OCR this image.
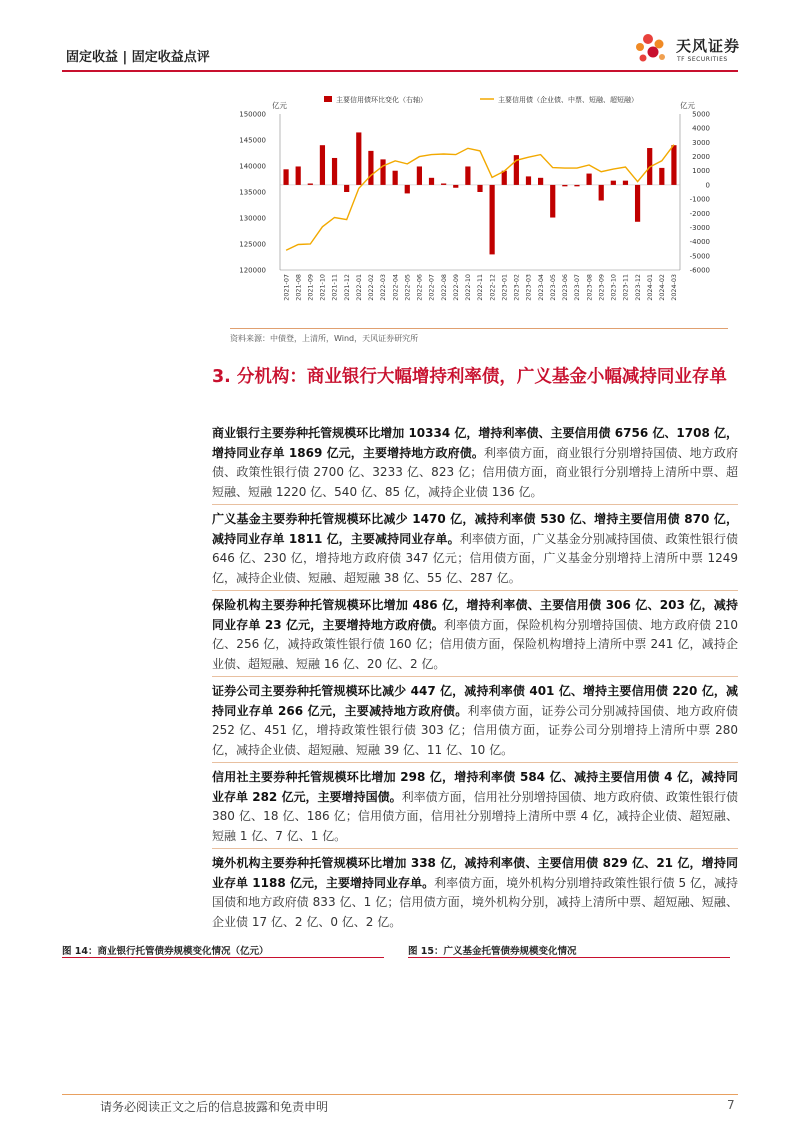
固定收益 | 固定收益点评
天风证券
TF SECURITIES
主要信用债环比变化（右轴）	主要信用债（企业债、中票、短融、超短融）
亿元	亿元
150000
145000
140000
135000
130000
125000
120000
5000
4000
3000
2000
1000
0
-1000
-2000
-3000
-4000
-5000
-6000
2021-07 2021-08 2021-09 2021-10 2021-11 2021-12 2022-01 2022-02 2022-03 2022-04 2022-05 2022-06 2022-07 2022-08 2022-09 2022-10 2022-11 2022-12 2023-01 2023-02 2023-03 2023-04 2023-05 2023-06 2023-07 2023-08 2023-09 2023-10 2023-11 2023-12 2024-01 2024-02 2024-03
资料来源：中债登，上清所，Wind，天风证券研究所
3. 分机构：商业银行大幅增持利率债，广义基金小幅减持同业存单
商业银行主要券种托管规模环比增加 10334 亿，增持利率债、主要信用债 6756 亿、1708 亿，增持同业存单 1869 亿元，主要增持地方政府债。利率债方面，商业银行分别增持国债、地方政府债、政策性银行债 2700 亿、3233 亿、823 亿；信用债方面，商业银行分别增持上清所中票、超短融、短融 1220 亿、540 亿、85 亿，减持企业债 136 亿。
广义基金主要券种托管规模环比减少 1470 亿，减持利率债 530 亿、增持主要信用债 870 亿，减持同业存单 1811 亿，主要减持同业存单。利率债方面，广义基金分别减持国债、政策性银行债 646 亿、230 亿，增持地方政府债 347 亿元；信用债方面，广义基金分别增持上清所中票 1249 亿，减持企业债、短融、超短融 38 亿、55 亿、287 亿。
保险机构主要券种托管规模环比增加 486 亿，增持利率债、主要信用债 306 亿、203 亿，减持同业存单 23 亿元，主要增持地方政府债。利率债方面，保险机构分别增持国债、地方政府债 210 亿、256 亿，减持政策性银行债 160 亿；信用债方面，保险机构增持上清所中票 241 亿，减持企业债、超短融、短融 16 亿、20 亿、2 亿。
证券公司主要券种托管规模环比减少 447 亿，减持利率债 401 亿、增持主要信用债 220 亿，减持同业存单 266 亿元，主要减持地方政府债。利率债方面，证券公司分别减持国债、地方政府债 252 亿、451 亿，增持政策性银行债 303 亿；信用债方面，证券公司分别增持上清所中票 280 亿，减持企业债、超短融、短融 39 亿、11 亿、10 亿。
信用社主要券种托管规模环比增加 298 亿，增持利率债 584 亿、减持主要信用债 4 亿，减持同业存单 282 亿元，主要增持国债。利率债方面，信用社分别增持国债、地方政府债、政策性银行债 380 亿、18 亿、186 亿；信用债方面，信用社分别增持上清所中票 4 亿，减持企业债、超短融、短融 1 亿、7 亿、1 亿。
境外机构主要券种托管规模环比增加 338 亿，减持利率债、主要信用债 829 亿、21 亿，增持同业存单 1188 亿元，主要增持同业存单。利率债方面，境外机构分别增持政策性银行债 5 亿，减持国债和地方政府债 833 亿、1 亿；信用债方面，境外机构分别，减持上清所中票、超短融、短融、企业债 17 亿、2 亿、0 亿、2 亿。
图 14：商业银行托管债券规模变化情况（亿元）	图 15：广义基金托管债券规模变化情况
请务必阅读正文之后的信息披露和免责申明	7
